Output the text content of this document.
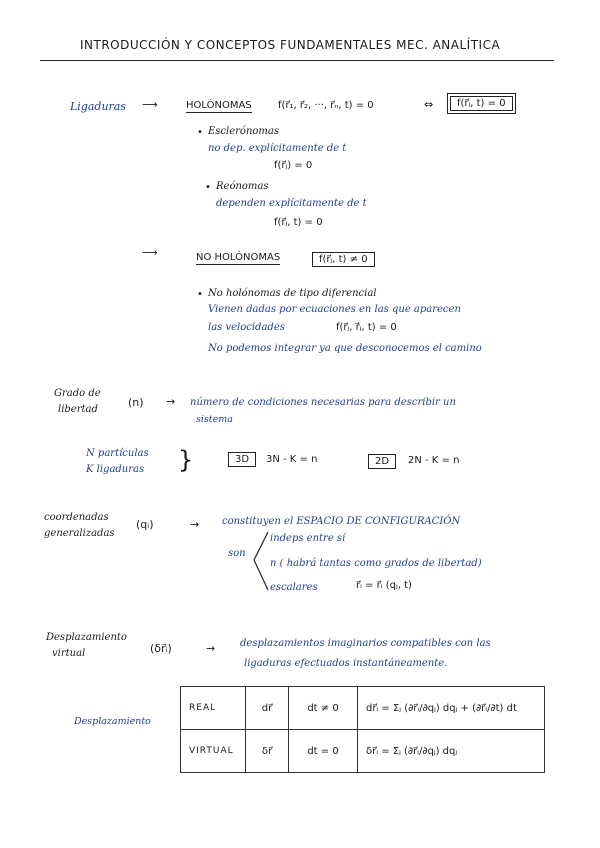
INTRODUCCIÓN Y CONCEPTOS FUNDAMENTALES MEC. ANALÍTICA
Ligaduras ⟶	HOLÓNOMAS	f(r⃗₁, r⃗₂, ···, r⃗ₙ, t) = 0	⇔	f(r⃗ⱼ, t) = 0
• Esclerónomas
no dep. explícitamente de t
f(r⃗ⱼ) = 0
• Reónomas
dependen explícitamente de t
f(r⃗ⱼ, t) = 0
⟶	NO HOLÓNOMAS	f(r⃗ⱼ, t) ≠ 0
• No holónomas de tipo diferencial
Vienen dadas por ecuaciones en las que aparecen
las velocidades	f(r⃗ⱼ, ṙ⃗ⱼ, t) = 0
No podemos integrar ya que desconocemos el camino
Grado de
libertad
(n) → número de condiciones necesarias para describir un
sistema
N partículas
K ligaduras }	3D	3N - K = n	2D	2N - K = n
coordenadas
generalizadas
(qᵢ)	→ constituyen el ESPACIO DE CONFIGURACIÓN
son
indeps entre sí
n ( habrá tantas como grados de libertad)
escalares	r⃗ᵢ = r⃗ᵢ (qⱼ, t)
Desplazamiento
virtual	(δr⃗ᵢ)	→ desplazamientos imaginarios compatibles con las
ligaduras efectuados instantáneamente.
Desplazamiento
REAL	dr⃗	dt ≠ 0	dr⃗ᵢ = Σⱼ (∂r⃗ᵢ/∂qⱼ) dqⱼ + (∂r⃗ᵢ/∂t) dt
VIRTUAL	δr⃗	dt = 0	δr⃗ᵢ = Σⱼ (∂r⃗ᵢ/∂qⱼ) dqⱼ
